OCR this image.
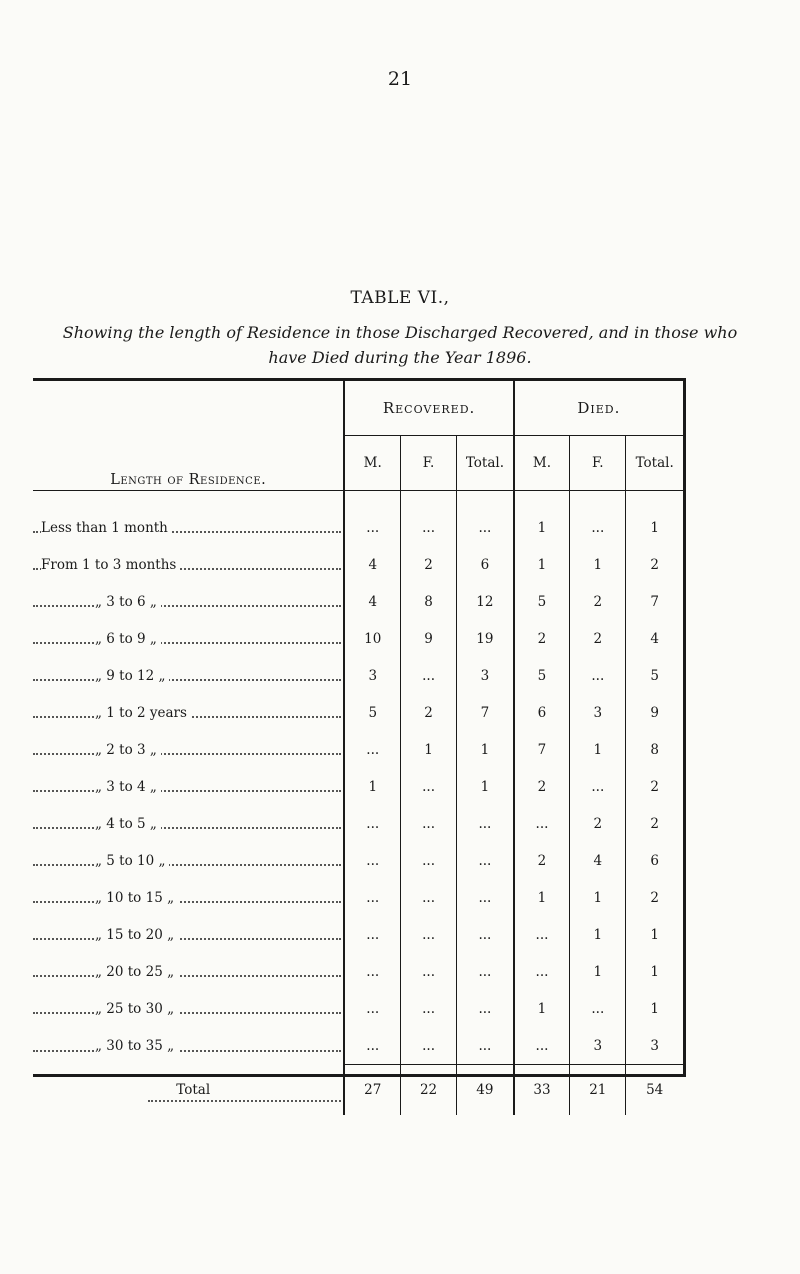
21
TABLE VI.,
Showing the length of Residence in those Discharged Recovered, and in those who
have Died during the Year 1896.
Length of Residence.	Recovered.			Died.		
	M.	F.	Total.	M.	F.	Total.
Less than 1 month	...	...	...	1	...	1
From 1 to 3 months	4	2	6	1	1	2
„ 3 to 6 „	4	8	12	5	2	7
„ 6 to 9 „	10	9	19	2	2	4
„ 9 to 12 „	3	...	3	5	...	5
„ 1 to 2 years	5	2	7	6	3	9
„ 2 to 3 „	...	1	1	7	1	8
„ 3 to 4 „	1	...	1	2	...	2
„ 4 to 5 „	...	...	...	...	2	2
„ 5 to 10 „	...	...	...	2	4	6
„ 10 to 15 „	...	...	...	1	1	2
„ 15 to 20 „	...	...	...	...	1	1
„ 20 to 25 „	...	...	...	...	1	1
„ 25 to 30 „	...	...	...	1	...	1
„ 30 to 35 „	...	...	...	...	3	3
Total	27	22	49	33	21	54
